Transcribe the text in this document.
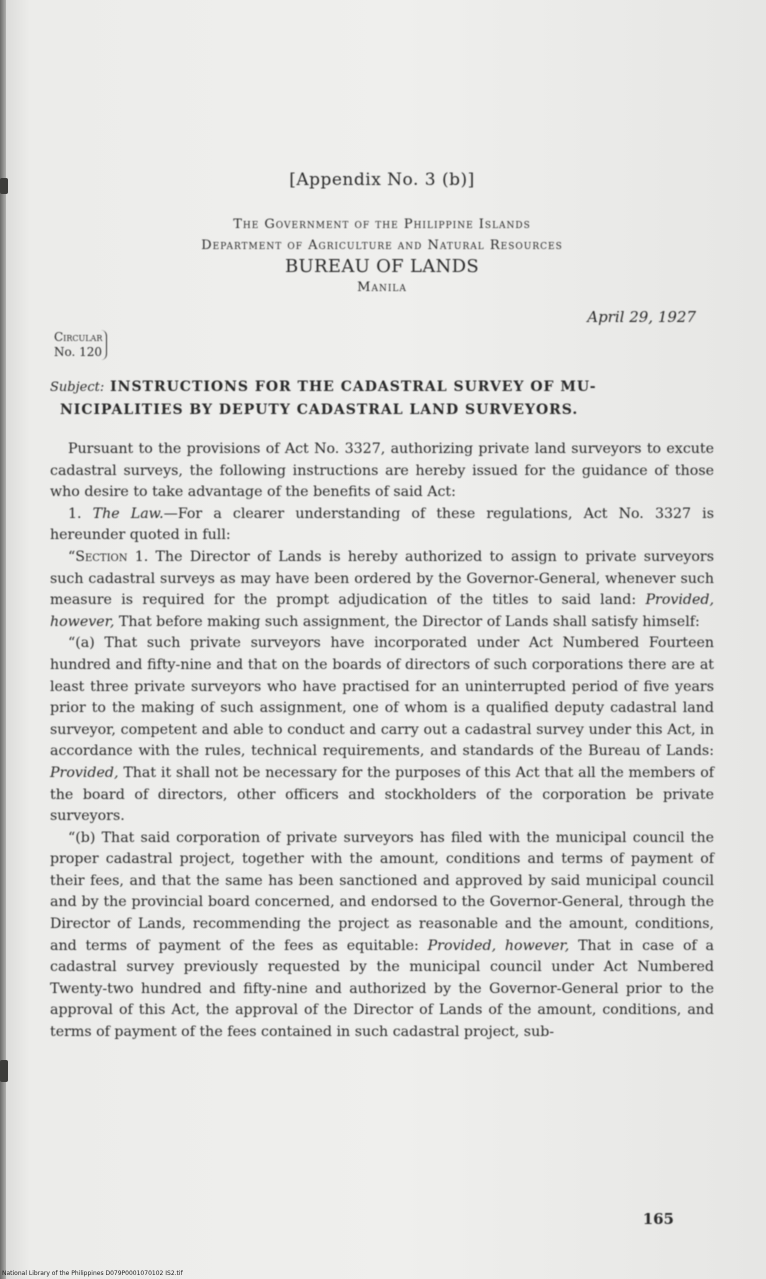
[Appendix No. 3 (b)]
The Government of the Philippine Islands
Department of Agriculture and Natural Resources
BUREAU OF LANDS
Manila
April 29, 1927
Circular
No. 120
Subject: INSTRUCTIONS FOR THE CADASTRAL SURVEY OF MU-
NICIPALITIES BY DEPUTY CADASTRAL LAND SURVEYORS.

Pursuant to the provisions of Act No. 3327, authorizing private land surveyors to excute cadastral surveys, the following instructions are hereby issued for the guidance of those who desire to take advantage of the benefits of said Act:

1. The Law.—For a clearer understanding of these regulations, Act No. 3327 is hereunder quoted in full:

“Section 1. The Director of Lands is hereby authorized to assign to private surveyors such cadastral surveys as may have been ordered by the Governor-General, whenever such measure is required for the prompt adjudication of the titles to said land: Provided, however, That before making such assignment, the Director of Lands shall satisfy himself:

“(a) That such private surveyors have incorporated under Act Numbered Fourteen hundred and fifty-nine and that on the boards of directors of such corporations there are at least three private surveyors who have practised for an uninterrupted period of five years prior to the making of such assignment, one of whom is a qualified deputy cadastral land surveyor, competent and able to conduct and carry out a cadastral survey under this Act, in accordance with the rules, technical requirements, and standards of the Bureau of Lands: Provided, That it shall not be necessary for the purposes of this Act that all the members of the board of directors, other officers and stockholders of the corporation be private surveyors.

“(b) That said corporation of private surveyors has filed with the municipal council the proper cadastral project, together with the amount, conditions and terms of payment of their fees, and that the same has been sanctioned and approved by said municipal council and by the provincial board concerned, and endorsed to the Governor-General, through the Director of Lands, recommending the project as reasonable and the amount, conditions, and terms of payment of the fees as equitable: Provided, however, That in case of a cadastral survey previously requested by the municipal council under Act Numbered Twenty-two hundred and fifty-nine and authorized by the Governor-General prior to the approval of this Act, the approval of the Director of Lands of the amount, conditions, and terms of payment of the fees contained in such cadastral project, sub-

165
National Library of the Philippines D079P0001070102 IS2.tif
